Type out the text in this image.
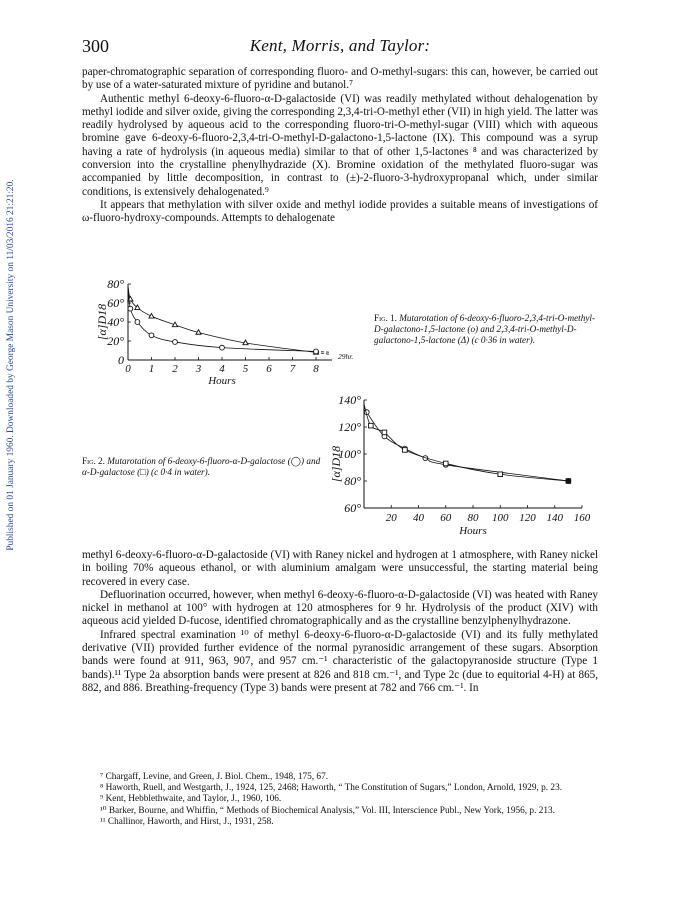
Published on 01 January 1960. Downloaded by George Mason University on 11/03/2016 21:21:20.
300	Kent, Morris, and Taylor:

paper-chromatographic separation of corresponding fluoro- and O-methyl-sugars: this can, however, be carried out by use of a water-saturated mixture of pyridine and butanol.⁷

Authentic methyl 6-deoxy-6-fluoro-α-D-galactoside (VI) was readily methylated without dehalogenation by methyl iodide and silver oxide, giving the corresponding 2,3,4-tri-O-methyl ether (VII) in high yield. The latter was readily hydrolysed by aqueous acid to the corresponding fluoro-tri-O-methyl-sugar (VIII) which with aqueous bromine gave 6-deoxy-6-fluoro-2,3,4-tri-O-methyl-D-galactono-1,5-lactone (IX). This compound was a syrup having a rate of hydrolysis (in aqueous media) similar to that of other 1,5-lactones ⁸ and was characterized by conversion into the crystalline phenylhydrazide (X). Bromine oxidation of the methylated fluoro-sugar was accompanied by little decomposition, in contrast to (±)-2-fluoro-3-hydroxypropanal which, under similar conditions, is extensively dehalogenated.⁹

It appears that methylation with silver oxide and methyl iodide provides a suitable means of investigations of ω-fluoro-hydroxy-compounds. Attempts to dehalogenate

0
20°
40°
60°
80°
0 1 2 3 4 5 6 7 8
29hr.
Hours
[α]D18	Fig. 1. Mutarotation of 6-deoxy-6-fluoro-2,3,4-tri-O-methyl-D-galactono-1,5-lactone (o) and 2,3,4-tri-O-methyl-D-galactono-1,5-lactone (Δ) (c 0·36 in water).
Fig. 2. Mutarotation of 6-deoxy-6-fluoro-α-D-galactose (◯) and α-D-galactose (□) (c 0·4 in water).
60°
80°
100°
120°
140°
20 40 60 80 100 120 140 160
Hours
[α]D18

methyl 6-deoxy-6-fluoro-α-D-galactoside (VI) with Raney nickel and hydrogen at 1 atmosphere, with Raney nickel in boiling 70% aqueous ethanol, or with aluminium amalgam were unsuccessful, the starting material being recovered in every case.

Defluorination occurred, however, when methyl 6-deoxy-6-fluoro-α-D-galactoside (VI) was heated with Raney nickel in methanol at 100° with hydrogen at 120 atmospheres for 9 hr. Hydrolysis of the product (XIV) with aqueous acid yielded D-fucose, identified chromatographically and as the crystalline benzylphenylhydrazone.

Infrared spectral examination ¹⁰ of methyl 6-deoxy-6-fluoro-α-D-galactoside (VI) and its fully methylated derivative (VII) provided further evidence of the normal pyranosidic arrangement of these sugars. Absorption bands were found at 911, 963, 907, and 957 cm.⁻¹ characteristic of the galactopyranoside structure (Type 1 bands).¹¹ Type 2a absorption bands were present at 826 and 818 cm.⁻¹, and Type 2c (due to equitorial 4-H) at 865, 882, and 886. Breathing-frequency (Type 3) bands were present at 782 and 766 cm.⁻¹. In

⁷ Chargaff, Levine, and Green, J. Biol. Chem., 1948, 175, 67.

⁸ Haworth, Ruell, and Westgarth, J., 1924, 125, 2468; Haworth, “ The Constitution of Sugars,” London, Arnold, 1929, p. 23.

⁹ Kent, Hebblethwaite, and Taylor, J., 1960, 106.

¹⁰ Barker, Bourne, and Whiffin, “ Methods of Biochemical Analysis,” Vol. III, Interscience Publ., New York, 1956, p. 213.

¹¹ Challinor, Haworth, and Hirst, J., 1931, 258.
